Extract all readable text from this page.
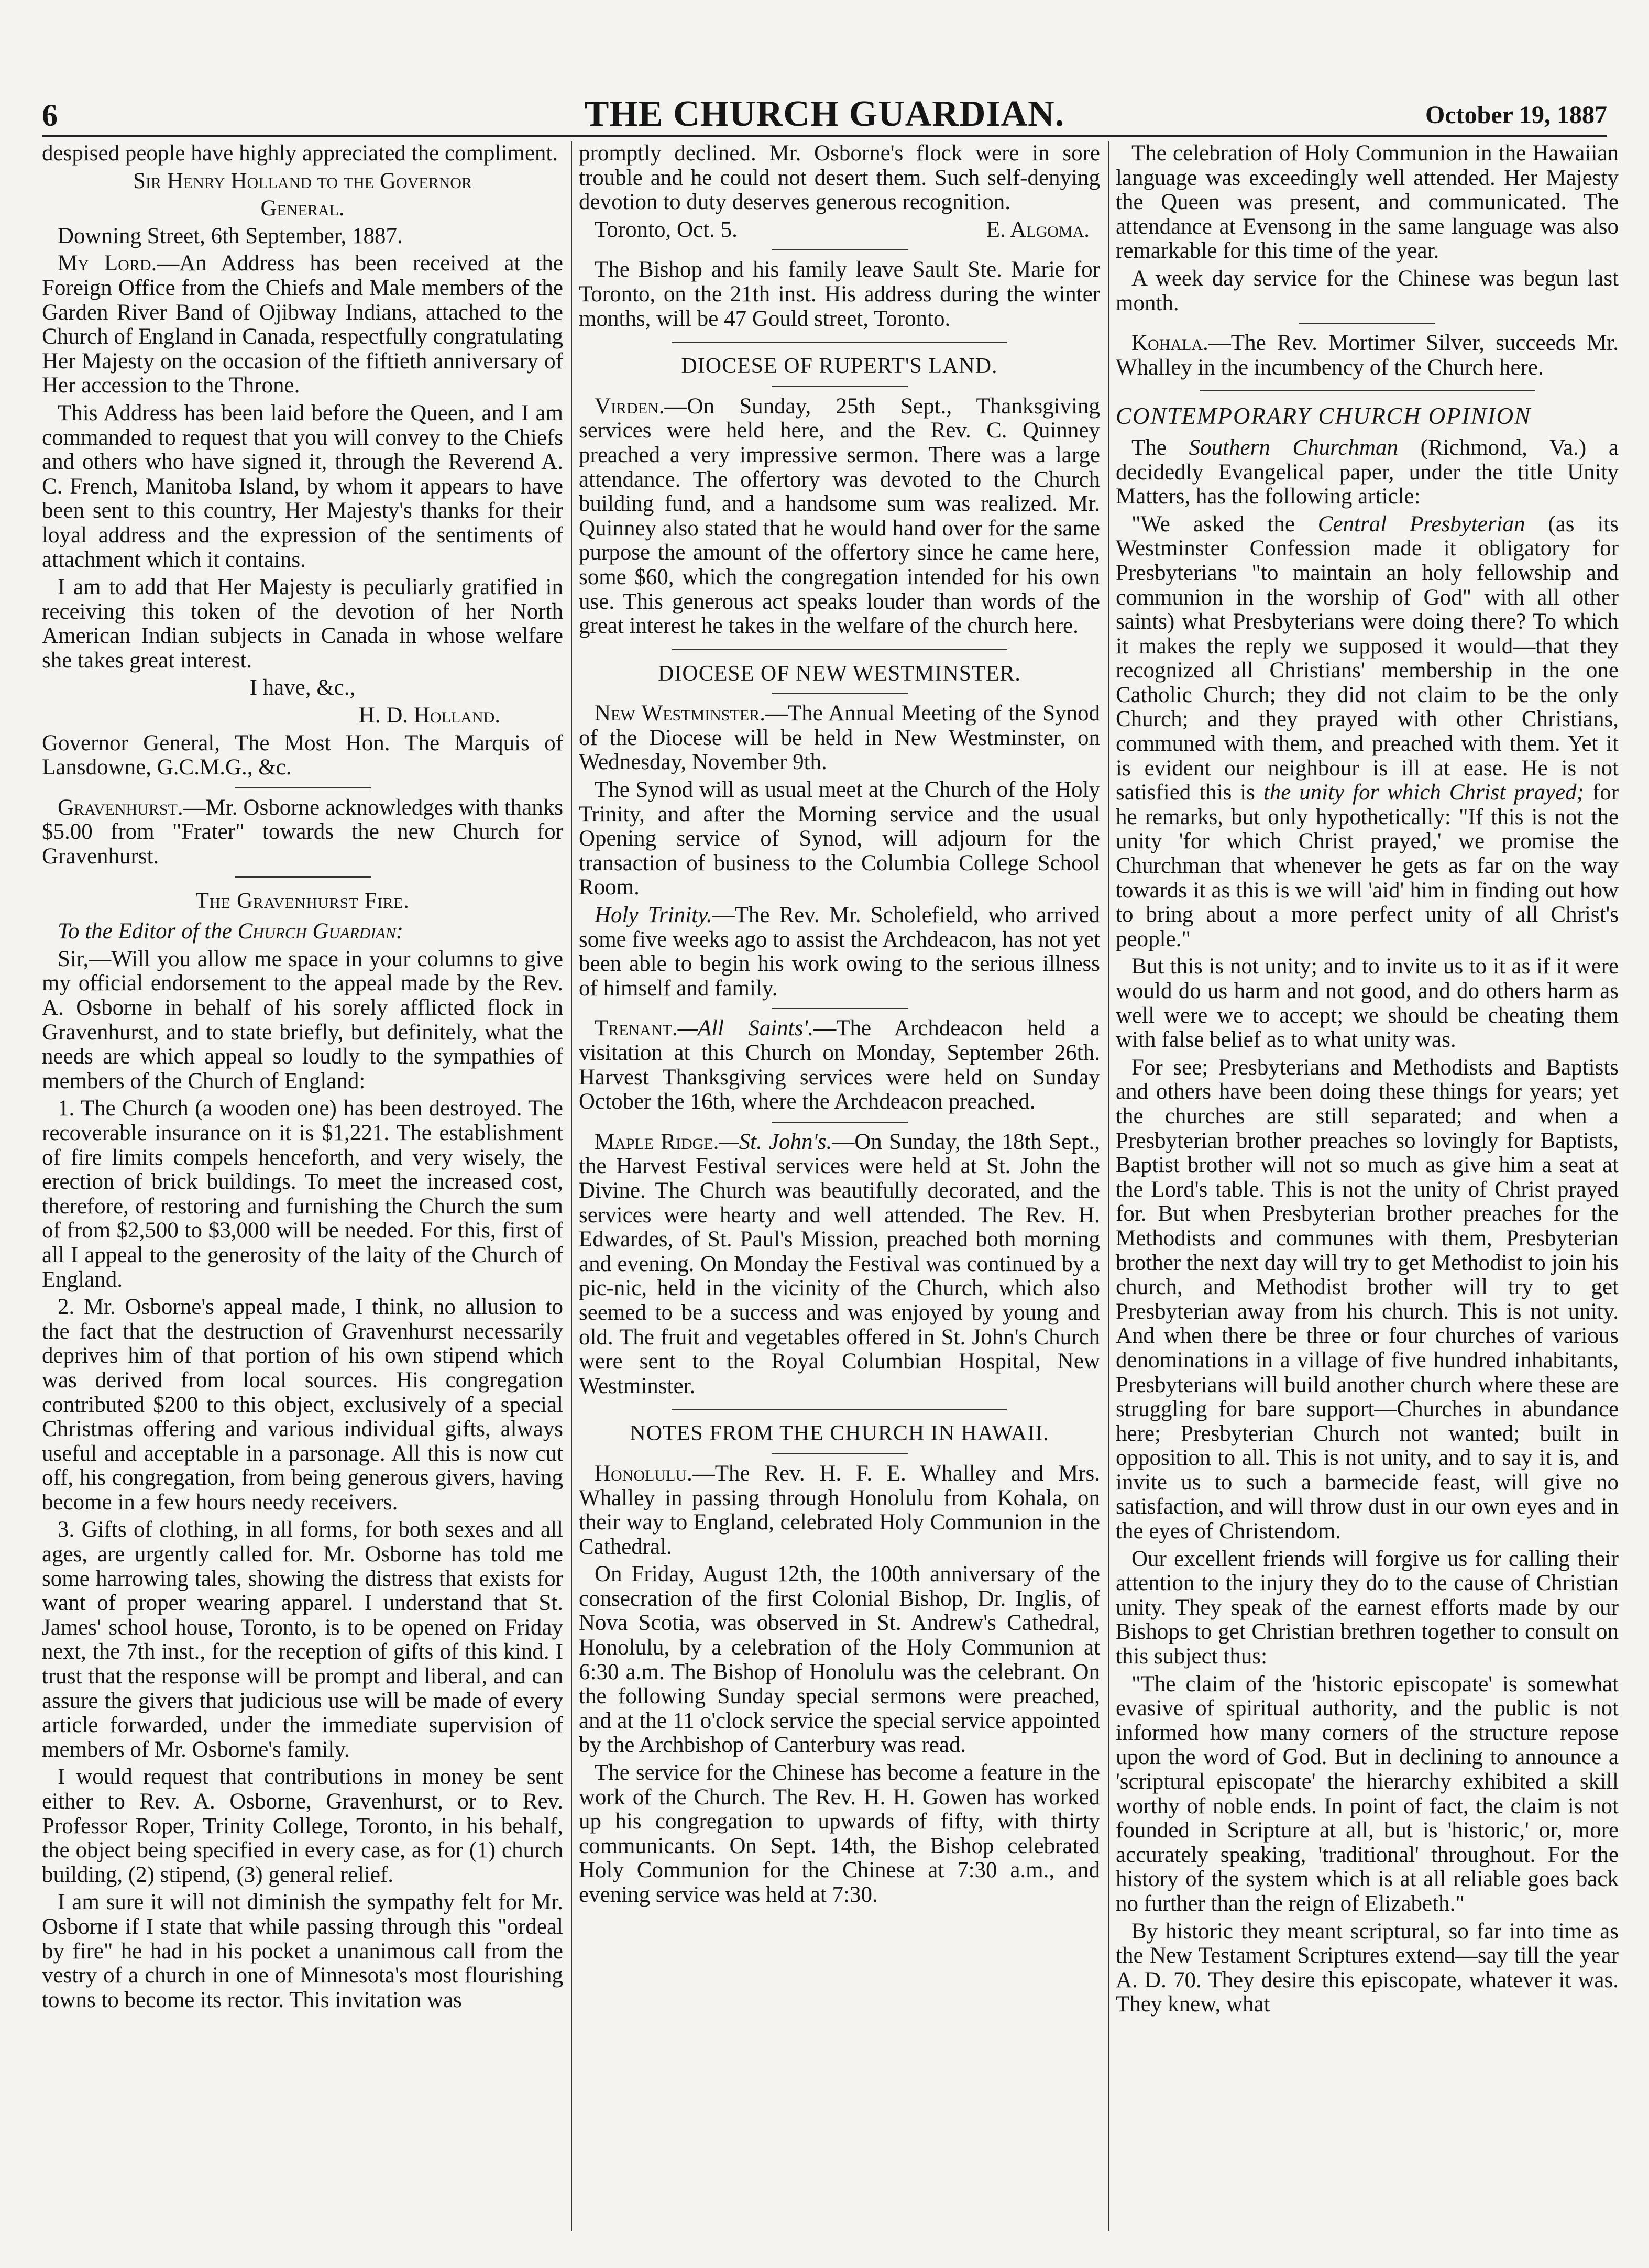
6	THE CHURCH GUARDIAN.	October 19, 1887

despised people have highly appreciated the compliment.

Sir Henry Holland to the Governor

General.

Downing Street, 6th September, 1887.

My Lord.—An Address has been received at the Foreign Office from the Chiefs and Male members of the Garden River Band of Ojibway Indians, attached to the Church of England in Canada, respectfully congratulating Her Majesty on the occasion of the fiftieth anniversary of Her accession to the Throne.

This Address has been laid before the Queen, and I am commanded to request that you will convey to the Chiefs and others who have signed it, through the Reverend A. C. French, Manitoba Island, by whom it appears to have been sent to this country, Her Majesty's thanks for their loyal address and the expression of the sentiments of attachment which it contains.

I am to add that Her Majesty is peculiarly gratified in receiving this token of the devotion of her North American Indian subjects in Canada in whose welfare she takes great interest.

I have, &c.,

H. D. Holland.

Governor General, The Most Hon. The Marquis of Lansdowne, G.C.M.G., &c.

Gravenhurst.—Mr. Osborne acknowledges with thanks $5.00 from "Frater" towards the new Church for Gravenhurst.

The Gravenhurst Fire.

To the Editor of the Church Guardian:

Sir,—Will you allow me space in your columns to give my official endorsement to the appeal made by the Rev. A. Osborne in behalf of his sorely afflicted flock in Gravenhurst, and to state briefly, but definitely, what the needs are which appeal so loudly to the sympathies of members of the Church of England:

1. The Church (a wooden one) has been destroyed. The recoverable insurance on it is $1,221. The establishment of fire limits compels henceforth, and very wisely, the erection of brick buildings. To meet the increased cost, therefore, of restoring and furnishing the Church the sum of from $2,500 to $3,000 will be needed. For this, first of all I appeal to the generosity of the laity of the Church of England.

2. Mr. Osborne's appeal made, I think, no allusion to the fact that the destruction of Gravenhurst necessarily deprives him of that portion of his own stipend which was derived from local sources. His congregation contributed $200 to this object, exclusively of a special Christmas offering and various individual gifts, always useful and acceptable in a parsonage. All this is now cut off, his congregation, from being generous givers, having become in a few hours needy receivers.

3. Gifts of clothing, in all forms, for both sexes and all ages, are urgently called for. Mr. Osborne has told me some harrowing tales, showing the distress that exists for want of proper wearing apparel. I understand that St. James' school house, Toronto, is to be opened on Friday next, the 7th inst., for the reception of gifts of this kind. I trust that the response will be prompt and liberal, and can assure the givers that judicious use will be made of every article forwarded, under the immediate supervision of members of Mr. Osborne's family.

I would request that contributions in money be sent either to Rev. A. Osborne, Gravenhurst, or to Rev. Professor Roper, Trinity College, Toronto, in his behalf, the object being specified in every case, as for (1) church building, (2) stipend, (3) general relief.

I am sure it will not diminish the sympathy felt for Mr. Osborne if I state that while passing through this "ordeal by fire" he had in his pocket a unanimous call from the vestry of a church in one of Minnesota's most flourishing towns to become its rector. This invitation was

promptly declined. Mr. Osborne's flock were in sore trouble and he could not desert them. Such self-denying devotion to duty deserves generous recognition.

Toronto, Oct. 5.	E. Algoma.

The Bishop and his family leave Sault Ste. Marie for Toronto, on the 21th inst. His address during the winter months, will be 47 Gould street, Toronto.

DIOCESE OF RUPERT'S LAND.

Virden.—On Sunday, 25th Sept., Thanksgiving services were held here, and the Rev. C. Quinney preached a very impressive sermon. There was a large attendance. The offertory was devoted to the Church building fund, and a handsome sum was realized. Mr. Quinney also stated that he would hand over for the same purpose the amount of the offertory since he came here, some $60, which the congregation intended for his own use. This generous act speaks louder than words of the great interest he takes in the welfare of the church here.

DIOCESE OF NEW WESTMINSTER.

New Westminster.—The Annual Meeting of the Synod of the Diocese will be held in New Westminster, on Wednesday, November 9th.

The Synod will as usual meet at the Church of the Holy Trinity, and after the Morning service and the usual Opening service of Synod, will adjourn for the transaction of business to the Columbia College School Room.

Holy Trinity.—The Rev. Mr. Scholefield, who arrived some five weeks ago to assist the Archdeacon, has not yet been able to begin his work owing to the serious illness of himself and family.

Trenant.—All Saints'.—The Archdeacon held a visitation at this Church on Monday, September 26th. Harvest Thanksgiving services were held on Sunday October the 16th, where the Archdeacon preached.

Maple Ridge.—St. John's.—On Sunday, the 18th Sept., the Harvest Festival services were held at St. John the Divine. The Church was beautifully decorated, and the services were hearty and well attended. The Rev. H. Edwardes, of St. Paul's Mission, preached both morning and evening. On Monday the Festival was continued by a pic-nic, held in the vicinity of the Church, which also seemed to be a success and was enjoyed by young and old. The fruit and vegetables offered in St. John's Church were sent to the Royal Columbian Hospital, New Westminster.

NOTES FROM THE CHURCH IN HAWAII.

Honolulu.—The Rev. H. F. E. Whalley and Mrs. Whalley in passing through Honolulu from Kohala, on their way to England, celebrated Holy Communion in the Cathedral.

On Friday, August 12th, the 100th anniversary of the consecration of the first Colonial Bishop, Dr. Inglis, of Nova Scotia, was observed in St. Andrew's Cathedral, Honolulu, by a celebration of the Holy Communion at 6:30 a.m. The Bishop of Honolulu was the celebrant. On the following Sunday special sermons were preached, and at the 11 o'clock service the special service appointed by the Archbishop of Canterbury was read.

The service for the Chinese has become a feature in the work of the Church. The Rev. H. H. Gowen has worked up his congregation to upwards of fifty, with thirty communicants. On Sept. 14th, the Bishop celebrated Holy Communion for the Chinese at 7:30 a.m., and evening service was held at 7:30.

The celebration of Holy Communion in the Hawaiian language was exceedingly well attended. Her Majesty the Queen was present, and communicated. The attendance at Evensong in the same language was also remarkable for this time of the year.

A week day service for the Chinese was begun last month.

Kohala.—The Rev. Mortimer Silver, succeeds Mr. Whalley in the incumbency of the Church here.

CONTEMPORARY CHURCH OPINION

The Southern Churchman (Richmond, Va.) a decidedly Evangelical paper, under the title Unity Matters, has the following article:

"We asked the Central Presbyterian (as its Westminster Confession made it obligatory for Presbyterians "to maintain an holy fellowship and communion in the worship of God" with all other saints) what Presbyterians were doing there? To which it makes the reply we supposed it would—that they recognized all Christians' membership in the one Catholic Church; they did not claim to be the only Church; and they prayed with other Christians, communed with them, and preached with them. Yet it is evident our neighbour is ill at ease. He is not satisfied this is the unity for which Christ prayed; for he remarks, but only hypothetically: "If this is not the unity 'for which Christ prayed,' we promise the Churchman that whenever he gets as far on the way towards it as this is we will 'aid' him in finding out how to bring about a more perfect unity of all Christ's people."

But this is not unity; and to invite us to it as if it were would do us harm and not good, and do others harm as well were we to accept; we should be cheating them with false belief as to what unity was.

For see; Presbyterians and Methodists and Baptists and others have been doing these things for years; yet the churches are still separated; and when a Presbyterian brother preaches so lovingly for Baptists, Baptist brother will not so much as give him a seat at the Lord's table. This is not the unity of Christ prayed for. But when Presbyterian brother preaches for the Methodists and communes with them, Presbyterian brother the next day will try to get Methodist to join his church, and Methodist brother will try to get Presbyterian away from his church. This is not unity. And when there be three or four churches of various denominations in a village of five hundred inhabitants, Presbyterians will build another church where these are struggling for bare support—Churches in abundance here; Presbyterian Church not wanted; built in opposition to all. This is not unity, and to say it is, and invite us to such a barmecide feast, will give no satisfaction, and will throw dust in our own eyes and in the eyes of Christendom.

Our excellent friends will forgive us for calling their attention to the injury they do to the cause of Christian unity. They speak of the earnest efforts made by our Bishops to get Christian brethren together to consult on this subject thus:

"The claim of the 'historic episcopate' is somewhat evasive of spiritual authority, and the public is not informed how many corners of the structure repose upon the word of God. But in declining to announce a 'scriptural episcopate' the hierarchy exhibited a skill worthy of noble ends. In point of fact, the claim is not founded in Scripture at all, but is 'historic,' or, more accurately speaking, 'traditional' throughout. For the history of the system which is at all reliable goes back no further than the reign of Elizabeth."

By historic they meant scriptural, so far into time as the New Testament Scriptures extend—say till the year A. D. 70. They desire this episcopate, whatever it was. They knew, what
